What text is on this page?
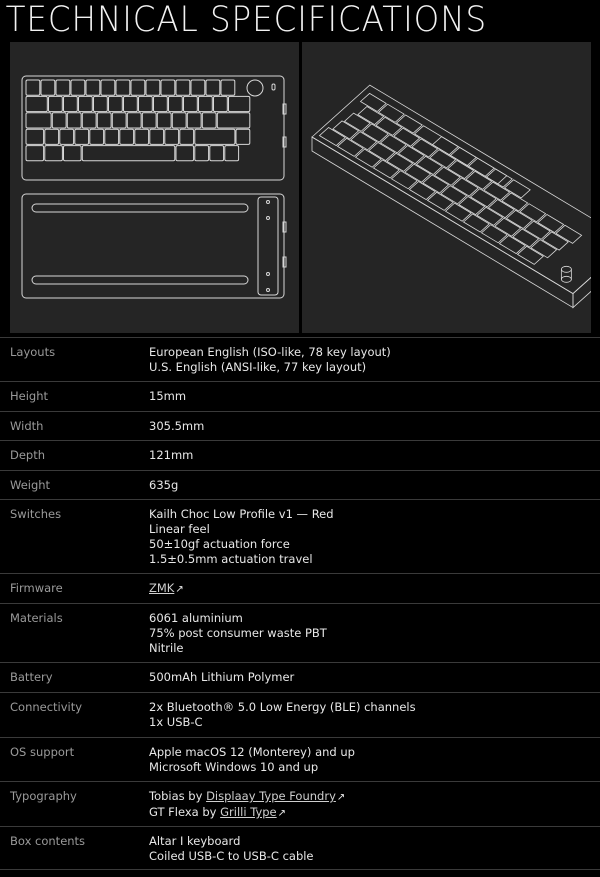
TECHNICAL SPECIFICATIONS
Layouts	European English (ISO-like, 78 key layout)
U.S. English (ANSI-like, 77 key layout)
Height	15mm
Width	305.5mm
Depth	121mm
Weight	635g
Switches	Kailh Choc Low Profile v1 — Red
Linear feel
50±10gf actuation force
1.5±0.5mm actuation travel
Firmware	ZMK↗
Materials	6061 aluminium
75% post consumer waste PBT
Nitrile
Battery	500mAh Lithium Polymer
Connectivity	2x Bluetooth® 5.0 Low Energy (BLE) channels
1x USB-C
OS support	Apple macOS 12 (Monterey) and up
Microsoft Windows 10 and up
Typography	Tobias by Displaay Type Foundry↗
GT Flexa by Grilli Type↗
Box contents	Altar I keyboard
Coiled USB-C to USB-C cable
